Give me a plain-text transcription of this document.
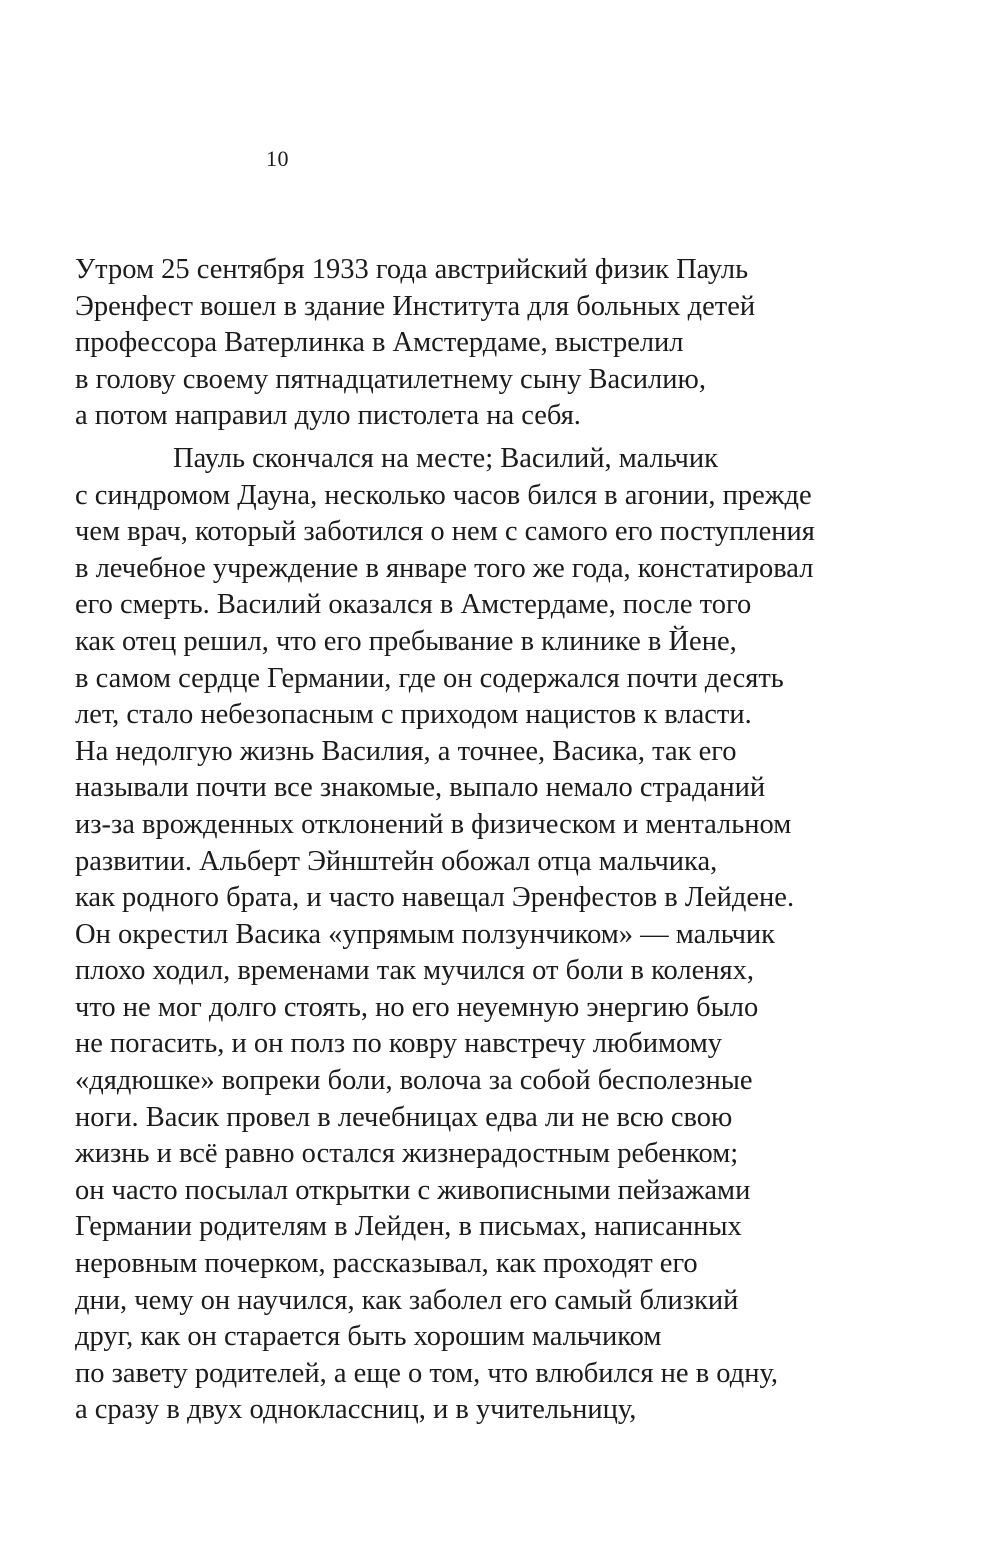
10
Утром 25 сентября 1933 года австрийский физик Пауль
Эренфест вошел в здание Института для больных детей
профессора Ватерлинка в Амстердаме, выстрелил
в голову своему пятнадцатилетнему сыну Василию,
а потом направил дуло пистолета на себя.
Пауль скончался на месте; Василий, мальчик
с синдромом Дауна, несколько часов бился в агонии, прежде
чем врач, который заботился о нем с самого его поступления
в лечебное учреждение в январе того же года, констатировал
его смерть. Василий оказался в Амстердаме, после того
как отец решил, что его пребывание в клинике в Йене,
в самом сердце Германии, где он содержался почти десять
лет, стало небезопасным с приходом нацистов к власти.
На недолгую жизнь Василия, а точнее, Васика, так его
называли почти все знакомые, выпало немало страданий
из-за врожденных отклонений в физическом и ментальном
развитии. Альберт Эйнштейн обожал отца мальчика,
как родного брата, и часто навещал Эренфестов в Лейдене.
Он окрестил Васика «упрямым ползунчиком» — мальчик
плохо ходил, временами так мучился от боли в коленях,
что не мог долго стоять, но его неуемную энергию было
не погасить, и он полз по ковру навстречу любимому
«дядюшке» вопреки боли, волоча за собой бесполезные
ноги. Васик провел в лечебницах едва ли не всю свою
жизнь и всё равно остался жизнерадостным ребенком;
он часто посылал открытки с живописными пейзажами
Германии родителям в Лейден, в письмах, написанных
неровным почерком, рассказывал, как проходят его
дни, чему он научился, как заболел его самый близкий
друг, как он старается быть хорошим мальчиком
по завету родителей, а еще о том, что влюбился не в одну,
а сразу в двух одноклассниц, и в учительницу,
